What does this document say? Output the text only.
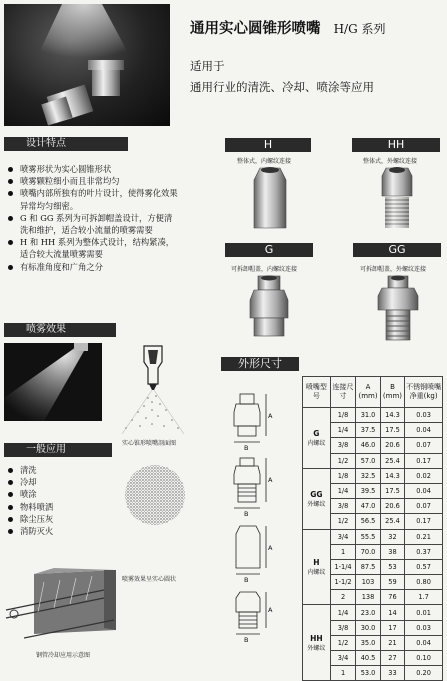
通用实心圆锥形喷嘴 H/G 系列
适用于
通用行业的清洗、冷却、喷涂等应用
设计特点
喷雾形状为实心圆锥形状
喷雾颗粒细小而且非常均匀
喷嘴内部所独有的叶片设计，使得雾化效果异常均匀细密。
G 和 GG 系列为可拆卸帽盖设计，方便清洗和维护，适合较小流量的喷雾需要
H 和 HH 系列为整体式设计，结构紧凑，适合较大流量喷雾需要
有标准角度和广角之分
喷雾效果
实心锥形喷嘴剖面图
一般应用
清洗
冷却
喷涂
物料喷洒
除尘压灰
消防灭火
喷雾效果呈实心圆状
钢管冷却应用示意图
H
整体式，内螺纹连接
HH
整体式，外螺纹连接
G
可拆卸帽盖，内螺纹连接
GG
可拆卸帽盖，外螺纹连接
外形尺寸
A
B
A
B
A
B
A
B
喷嘴型号	连接尺寸	A (mm)	B (mm)	不锈钢喷嘴净重(kg)

G
内螺纹	1/8	31.0	14.3	0.03
	1/4	37.5	17.5	0.04
	3/8	46.0	20.6	0.07
	1/2	57.0	25.4	0.17

GG
外螺纹	1/8	32.5	14.3	0.02
	1/4	39.5	17.5	0.04
	3/8	47.0	20.6	0.07
	1/2	56.5	25.4	0.17

H
内螺纹	3/4	55.5	32	0.21
	1	70.0	38	0.37
	1-1/4	87.5	53	0.57
	1-1/2	103	59	0.80
	2	138	76	1.7

HH
外螺纹	1/4	23.0	14	0.01
	3/8	30.0	17	0.03
	1/2	35.0	21	0.04
	3/4	40.5	27	0.10
	1	53.0	33	0.20
